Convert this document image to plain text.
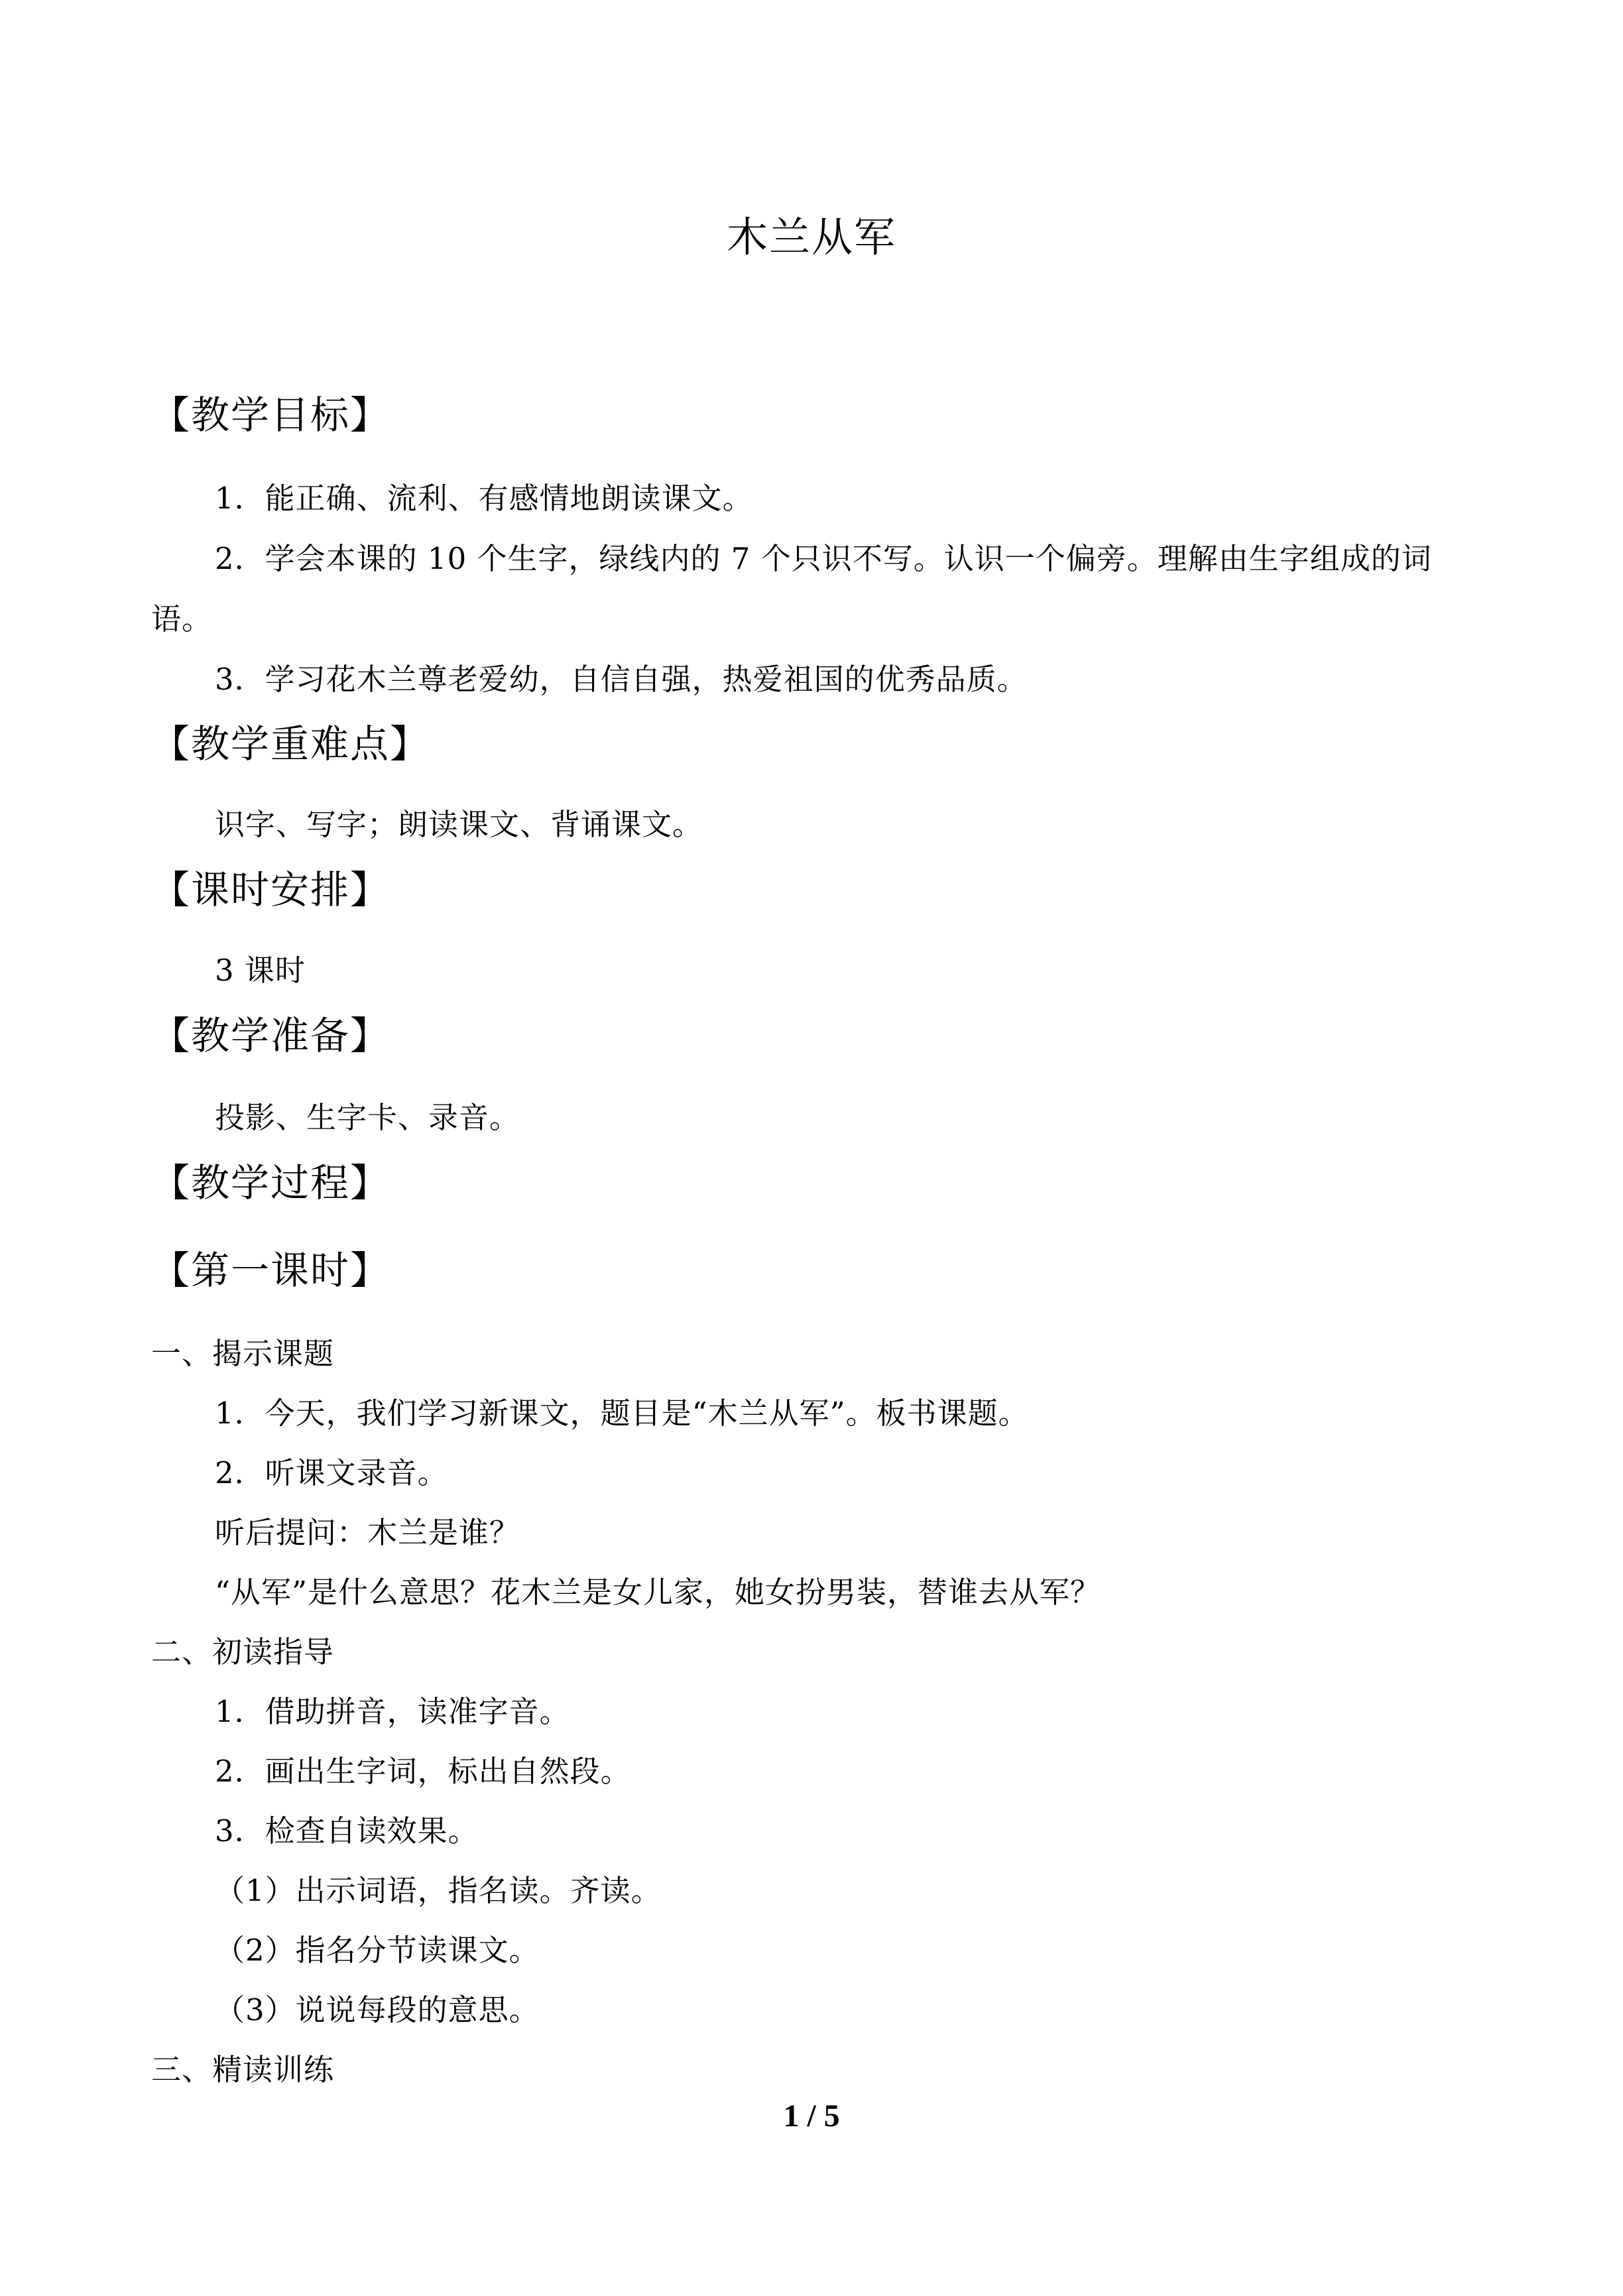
木兰从军
【教学目标】
1．能正确、流利、有感情地朗读课文。
2．学会本课的 10 个生字，绿线内的 7 个只识不写。认识一个偏旁。理解由生字组成的词
语。
3．学习花木兰尊老爱幼，自信自强，热爱祖国的优秀品质。
【教学重难点】
识字、写字；朗读课文、背诵课文。
【课时安排】
3 课时
【教学准备】
投影、生字卡、录音。
【教学过程】
【第一课时】
一、揭示课题
1．今天，我们学习新课文，题目是“木兰从军”。板书课题。
2．听课文录音。
听后提问：木兰是谁？
“从军”是什么意思？花木兰是女儿家，她女扮男装，替谁去从军？
二、初读指导
1．借助拼音，读准字音。
2．画出生字词，标出自然段。
3．检查自读效果。
（1）出示词语，指名读。齐读。
（2）指名分节读课文。
（3）说说每段的意思。
三、精读训练
1 / 5
